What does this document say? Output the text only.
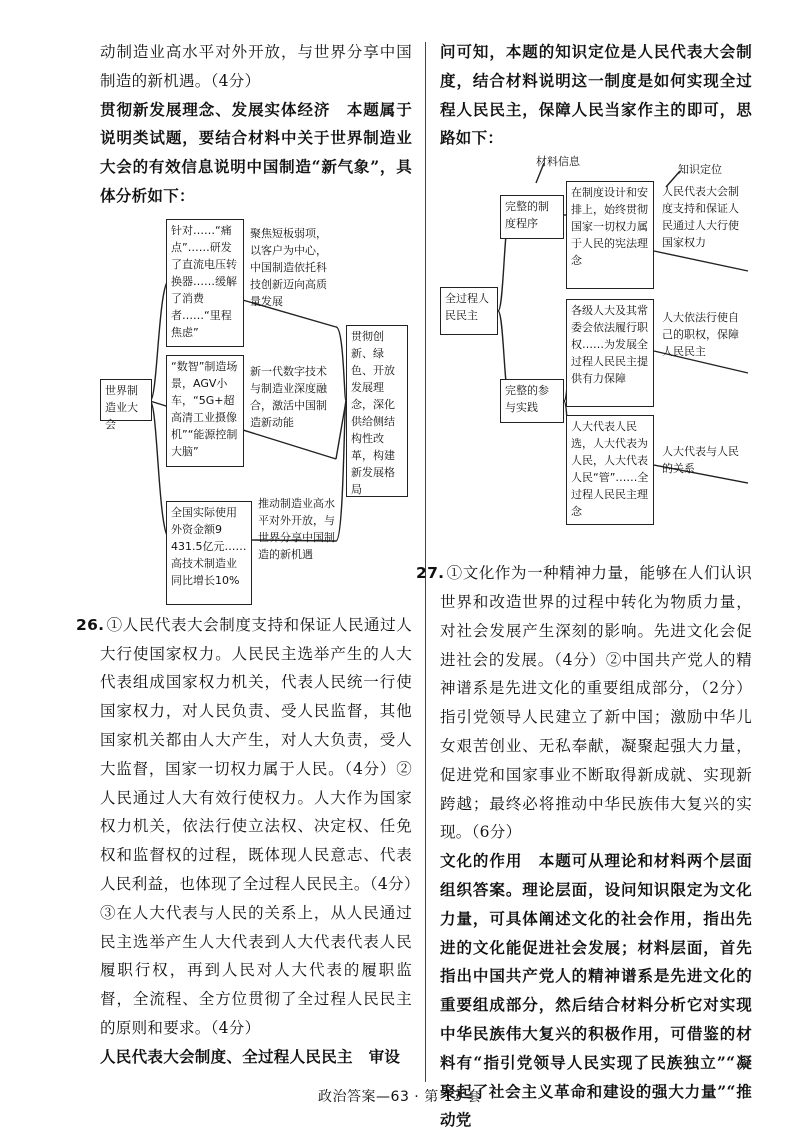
动制造业高水平对外开放，与世界分享中国制造的新机遇。（4分）

贯彻新发展理念、发展实体经济　本题属于说明类试题，要结合材料中关于世界制造业大会的有效信息说明中国制造“新气象”，具体分析如下：

世界制造业大会
针对……“痛点”……研发了直流电压转换器……缓解了消费者……“里程焦虑”
“数智”制造场景，AGV小车，“5G+超高清工业摄像机”“能源控制大脑”
全国实际使用外资金额9 431.5亿元……高技术制造业同比增长10%
聚焦短板弱项，以客户为中心，中国制造依托科技创新迈向高质量发展
新一代数字技术与制造业深度融合，激活中国制造新动能
推动制造业高水平对外开放，与世界分享中国制造的新机遇
贯彻创新、绿色、开放发展理念，深化供给侧结构性改革，构建新发展格局

26. ①人民代表大会制度支持和保证人民通过人大行使国家权力。人民民主选举产生的人大代表组成国家权力机关，代表人民统一行使国家权力，对人民负责、受人民监督，其他国家机关都由人大产生，对人大负责，受人大监督，国家一切权力属于人民。（4分）②人民通过人大有效行使权力。人大作为国家权力机关，依法行使立法权、决定权、任免权和监督权的过程，既体现人民意志、代表人民利益，也体现了全过程人民民主。（4分）③在人大代表与人民的关系上，从人民通过民主选举产生人大代表到人大代表代表人民履职行权，再到人民对人大代表的履职监督，全流程、全方位贯彻了全过程人民民主的原则和要求。（4分）

人民代表大会制度、全过程人民民主　审设

问可知，本题的知识定位是人民代表大会制度，结合材料说明这一制度是如何实现全过程人民民主，保障人民当家作主的即可，思路如下：

材料信息
知识定位
全过程人民民主
完整的制度程序
完整的参与实践
在制度设计和安排上，始终贯彻国家一切权力属于人民的宪法理念
各级人大及其常委会依法履行职权……为发展全过程人民民主提供有力保障
人大代表人民选，人大代表为人民，人大代表人民“管”……全过程人民民主理念
人民代表大会制度支持和保证人民通过人大行使国家权力
人大依法行使自己的职权，保障人民民主
人大代表与人民的关系

27. ①文化作为一种精神力量，能够在人们认识世界和改造世界的过程中转化为物质力量，对社会发展产生深刻的影响。先进文化会促进社会的发展。（4分）②中国共产党人的精神谱系是先进文化的重要组成部分，（2分）指引党领导人民建立了新中国；激励中华儿女艰苦创业、无私奉献，凝聚起强大力量，促进党和国家事业不断取得新成就、实现新跨越；最终必将推动中华民族伟大复兴的实现。（6分）

文化的作用　本题可从理论和材料两个层面组织答案。理论层面，设问知识限定为文化力量，可具体阐述文化的社会作用，指出先进的文化能促进社会发展；材料层面，首先指出中国共产党人的精神谱系是先进文化的重要组成部分，然后结合材料分析它对实现中华民族伟大复兴的积极作用，可借鉴的材料有“指引党领导人民实现了民族独立”“凝聚起了社会主义革命和建设的强大力量”“推动党

政治答案—63 · 第 13 套
